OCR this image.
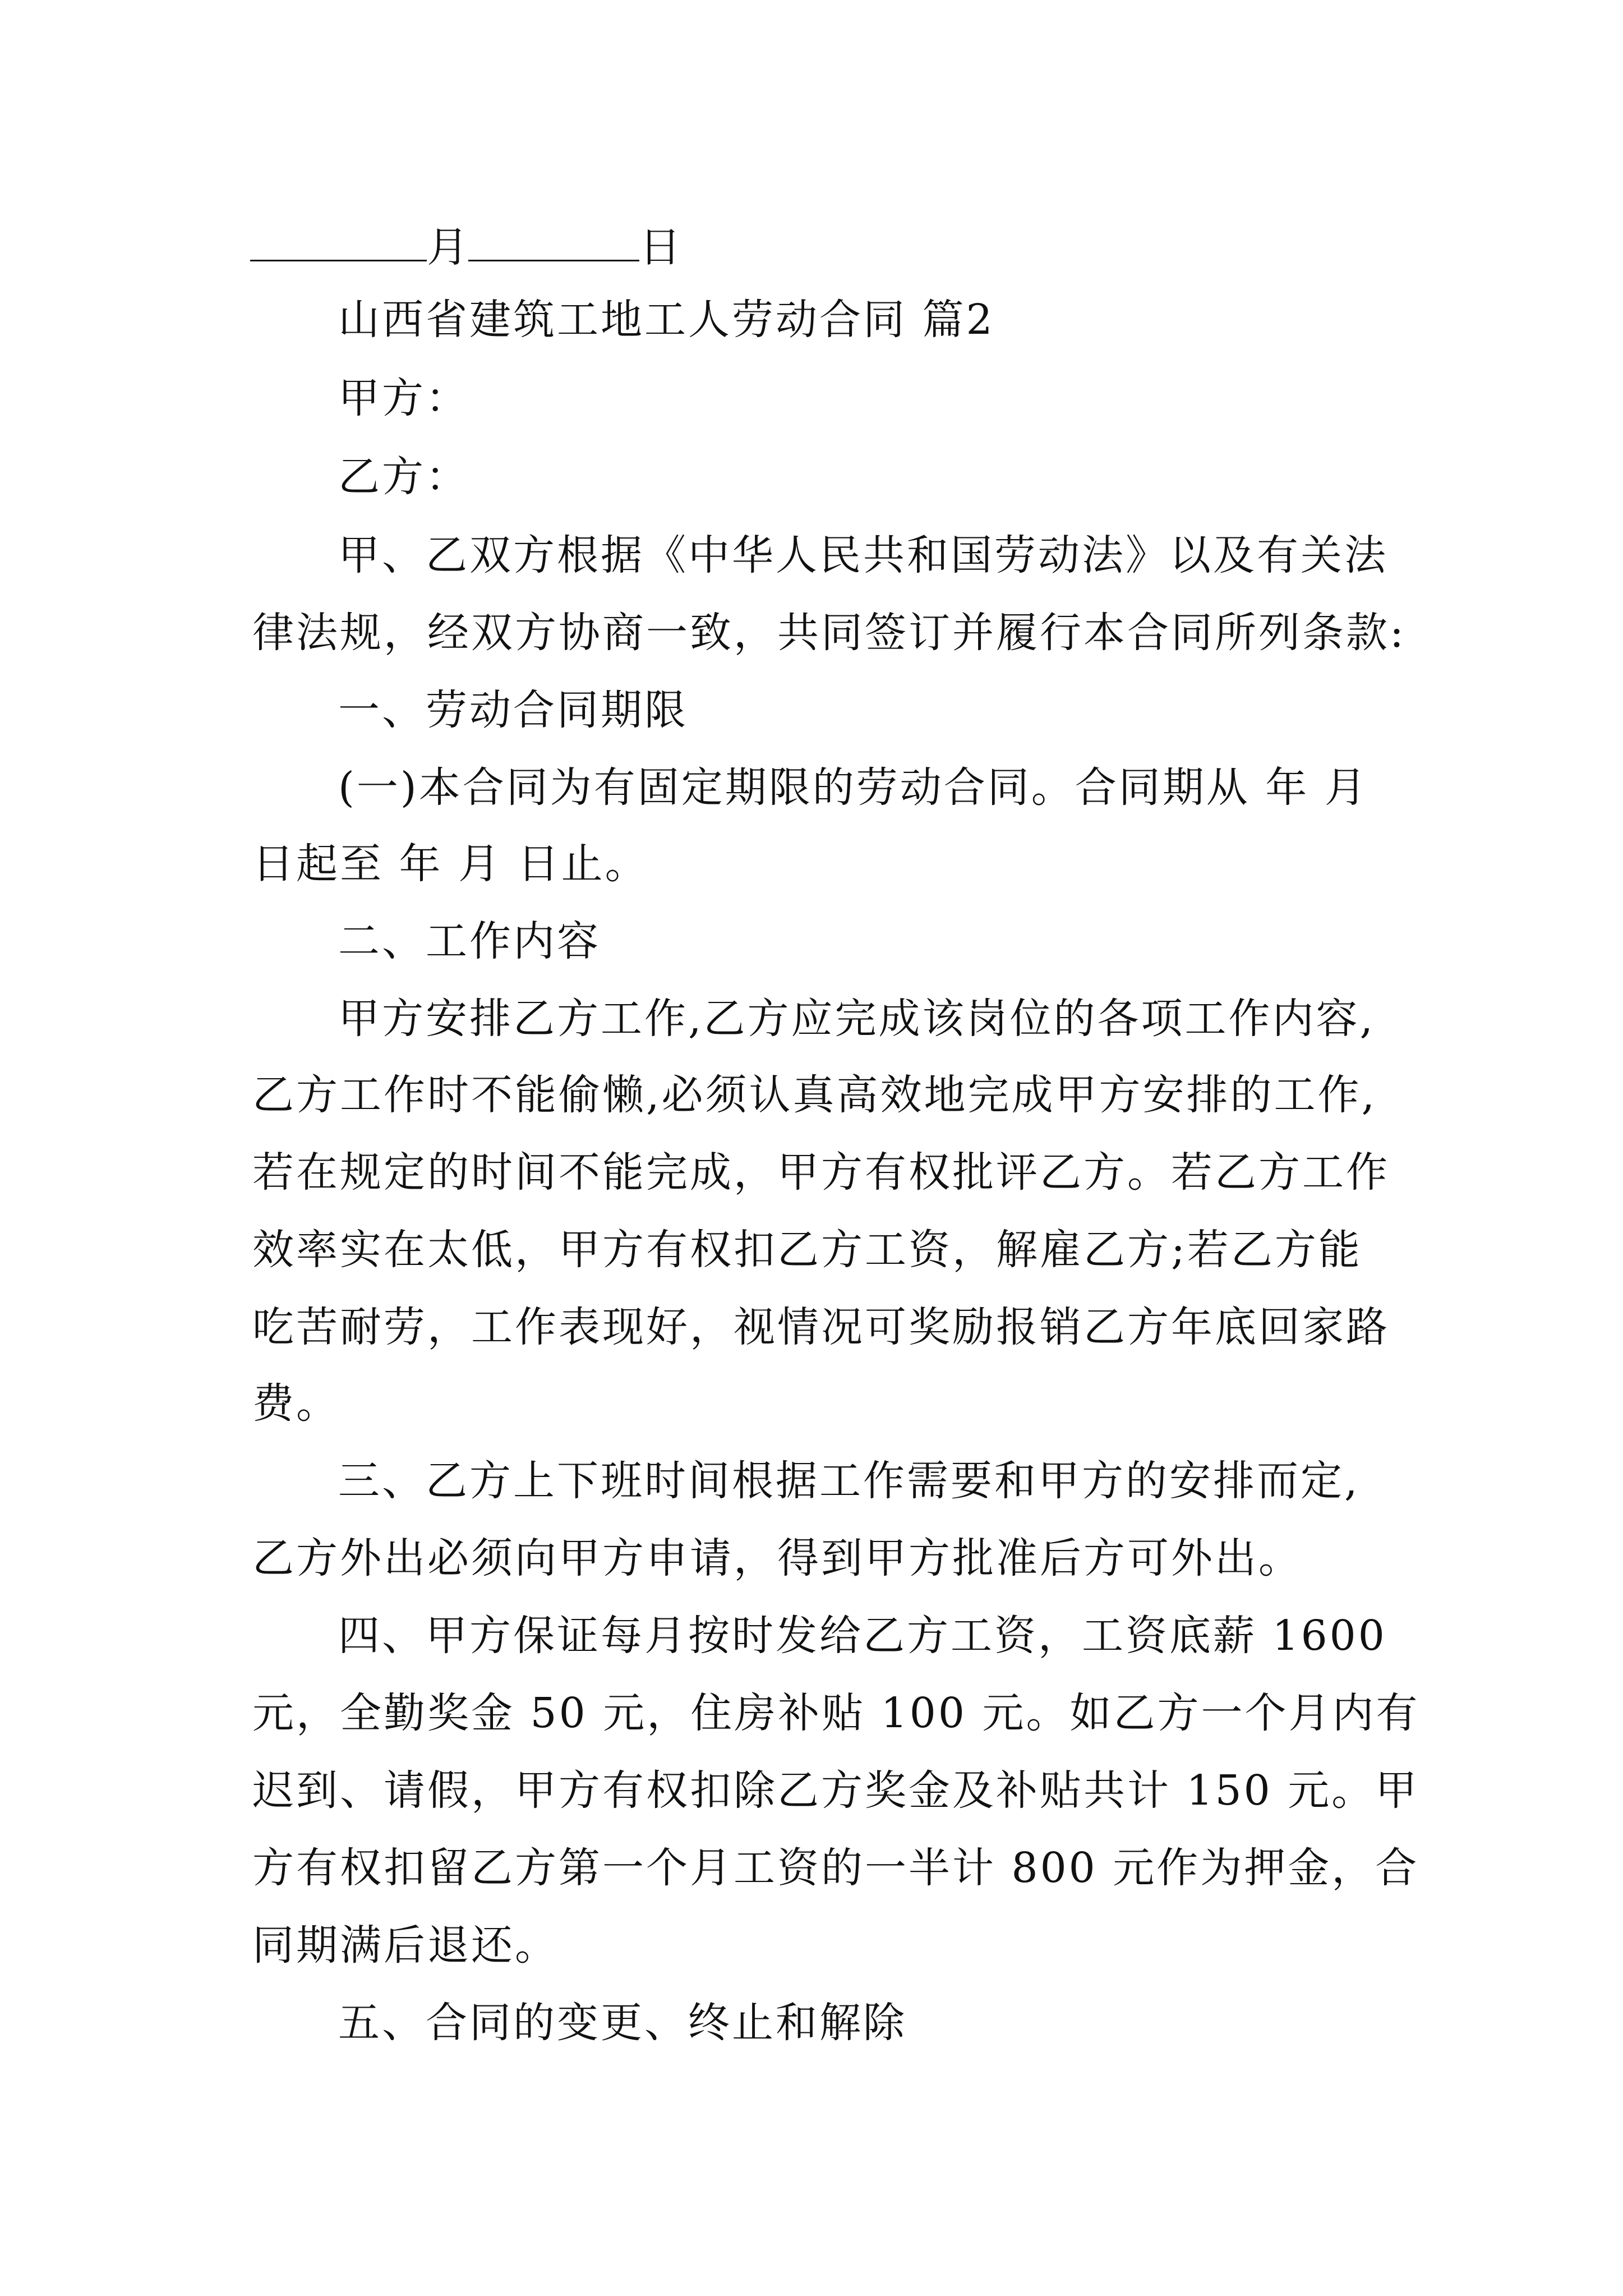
月	日
山西省建筑工地工人劳动合同 篇2
甲方：
乙方：
甲、乙双方根据《中华人民共和国劳动法》以及有关法
律法规，经双方协商一致，共同签订并履行本合同所列条款:
一、劳动合同期限
(一)本合同为有固定期限的劳动合同。合同期从 年 月
日起至 年 月 日止。
二、工作内容
甲方安排乙方工作,乙方应完成该岗位的各项工作内容,
乙方工作时不能偷懒,必须认真高效地完成甲方安排的工作,
若在规定的时间不能完成，甲方有权批评乙方。若乙方工作
效率实在太低，甲方有权扣乙方工资，解雇乙方;若乙方能
吃苦耐劳，工作表现好，视情况可奖励报销乙方年底回家路
费。
三、乙方上下班时间根据工作需要和甲方的安排而定,
乙方外出必须向甲方申请，得到甲方批准后方可外出。
四、甲方保证每月按时发给乙方工资，工资底薪 1600
元，全勤奖金 50 元，住房补贴 100 元。如乙方一个月内有
迟到、请假，甲方有权扣除乙方奖金及补贴共计 150 元。甲
方有权扣留乙方第一个月工资的一半计 800 元作为押金，合
同期满后退还。
五、合同的变更、终止和解除
